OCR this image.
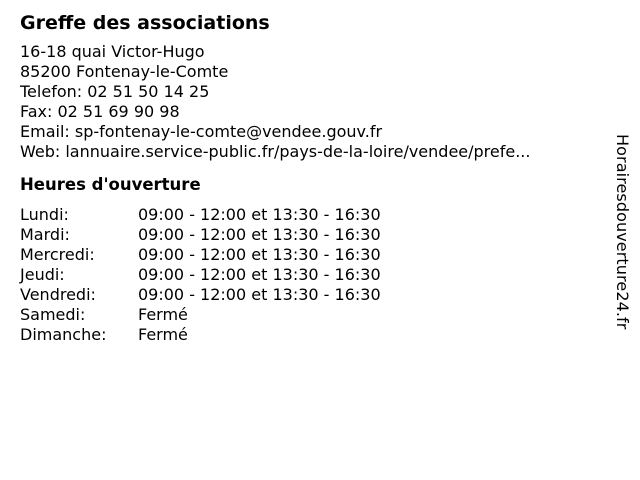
Greffe des associations
16-18 quai Victor-Hugo
85200 Fontenay-le-Comte
Telefon: 02 51 50 14 25
Fax: 02 51 69 90 98
Email: sp-fontenay-le-comte@vendee.gouv.fr
Web: lannuaire.service-public.fr/pays-de-la-loire/vendee/prefe...
Heures d'ouverture
Lundi:	09:00 - 12:00 et 13:30 - 16:30
Mardi:	09:00 - 12:00 et 13:30 - 16:30
Mercredi:	09:00 - 12:00 et 13:30 - 16:30
Jeudi:	09:00 - 12:00 et 13:30 - 16:30
Vendredi:	09:00 - 12:00 et 13:30 - 16:30
Samedi:	Fermé
Dimanche:	Fermé
Horairesdouverture24.fr
